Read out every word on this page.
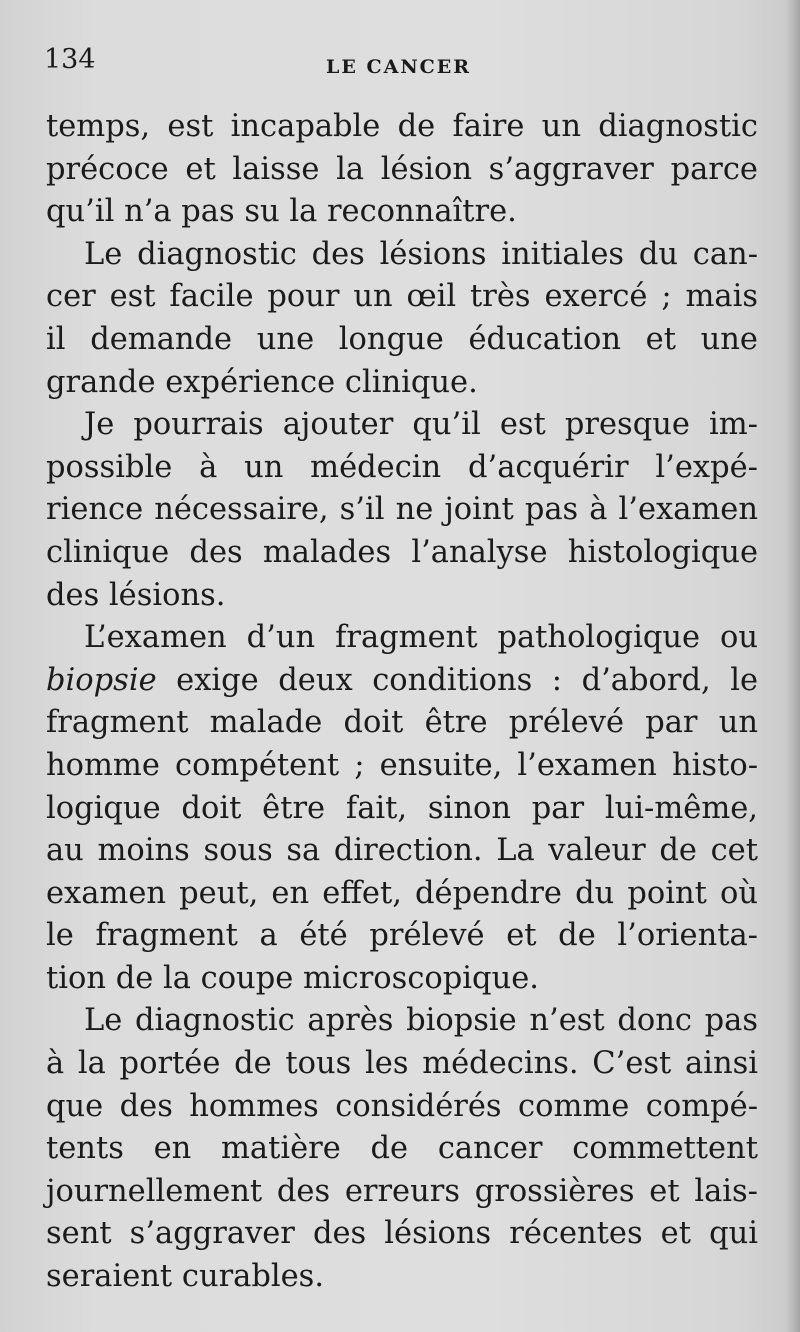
134	LE CANCER
temps, est incapable de faire un diagnostic
précoce et laisse la lésion s’aggraver parce
qu’il n’a pas su la reconnaître.
Le diagnostic des lésions initiales du can-
cer est facile pour un œil très exercé ; mais
il demande une longue éducation et une
grande expérience clinique.
Je pourrais ajouter qu’il est presque im-
possible à un médecin d’acquérir l’expé-
rience nécessaire, s’il ne joint pas à l’examen
clinique des malades l’analyse histologique
des lésions.
L’examen d’un fragment pathologique ou
biopsie exige deux conditions : d’abord, le
fragment malade doit être prélevé par un
homme compétent ; ensuite, l’examen histo-
logique doit être fait, sinon par lui-même,
au moins sous sa direction. La valeur de cet
examen peut, en effet, dépendre du point où
le fragment a été prélevé et de l’orienta-
tion de la coupe microscopique.
Le diagnostic après biopsie n’est donc pas
à la portée de tous les médecins. C’est ainsi
que des hommes considérés comme compé-
tents en matière de cancer commettent
journellement des erreurs grossières et lais-
sent s’aggraver des lésions récentes et qui
seraient curables.
